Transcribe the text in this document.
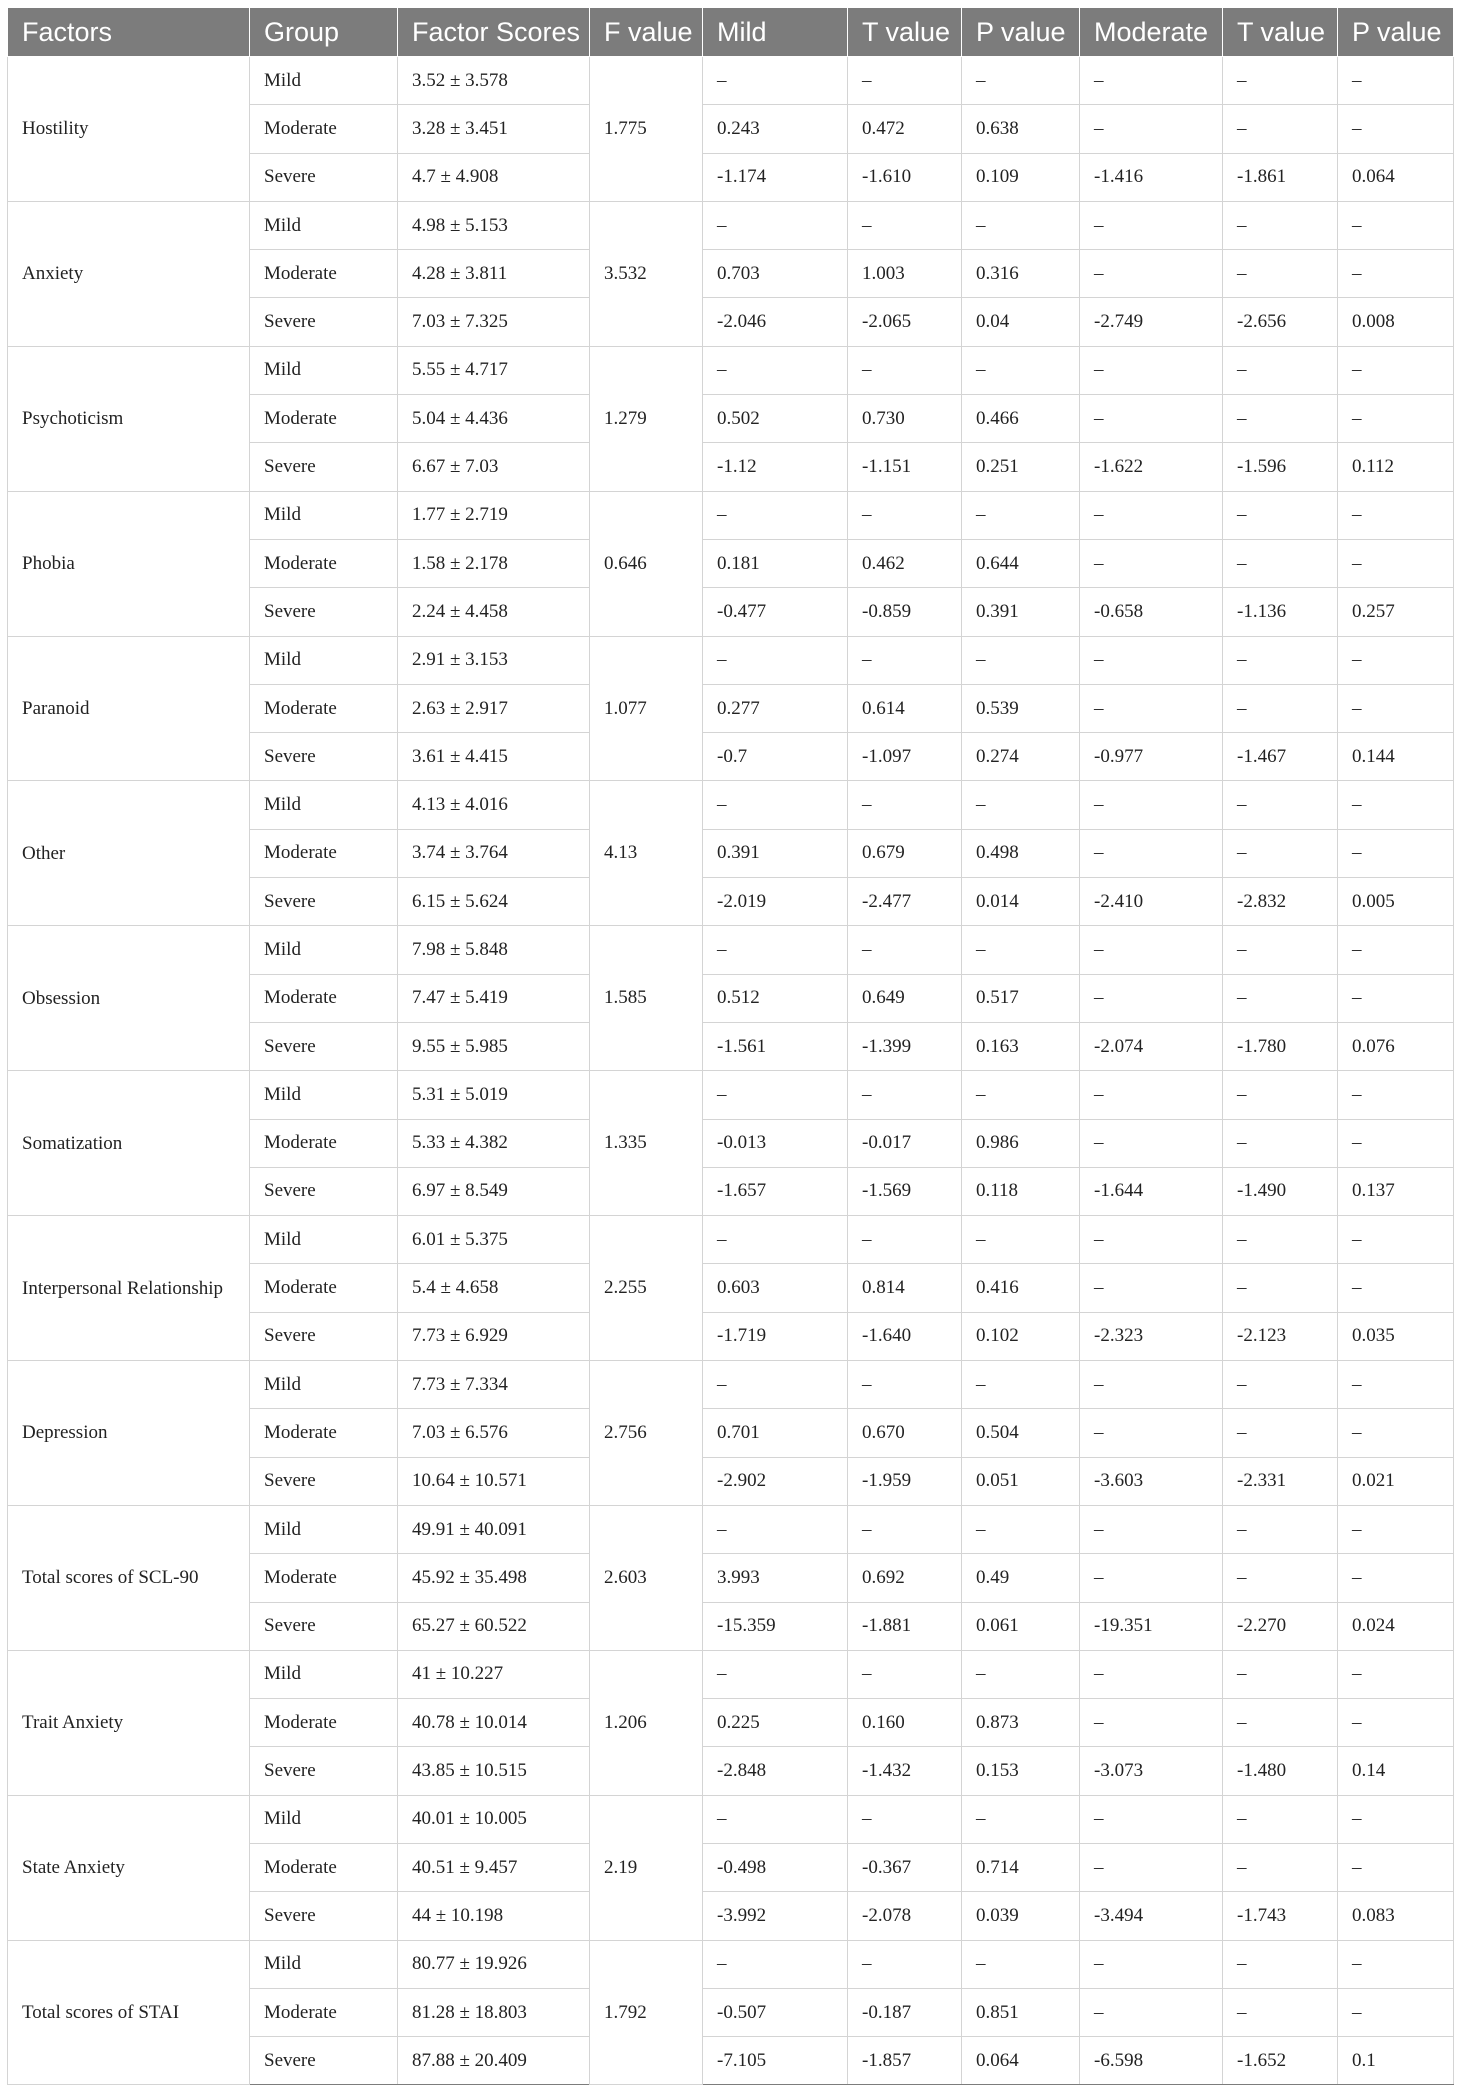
Factors	Group	Factor Scores	F value	Mild	T value	P value	Moderate	T value	P value
Hostility	Mild	3.52 ± 3.578	1.775	–	–	–	–	–	–
	Moderate	3.28 ± 3.451		0.243	0.472	0.638	–	–	–
	Severe	4.7 ± 4.908		-1.174	-1.610	0.109	-1.416	-1.861	0.064
Anxiety	Mild	4.98 ± 5.153	3.532	–	–	–	–	–	–
	Moderate	4.28 ± 3.811		0.703	1.003	0.316	–	–	–
	Severe	7.03 ± 7.325		-2.046	-2.065	0.04	-2.749	-2.656	0.008
Psychoticism	Mild	5.55 ± 4.717	1.279	–	–	–	–	–	–
	Moderate	5.04 ± 4.436		0.502	0.730	0.466	–	–	–
	Severe	6.67 ± 7.03		-1.12	-1.151	0.251	-1.622	-1.596	0.112
Phobia	Mild	1.77 ± 2.719	0.646	–	–	–	–	–	–
	Moderate	1.58 ± 2.178		0.181	0.462	0.644	–	–	–
	Severe	2.24 ± 4.458		-0.477	-0.859	0.391	-0.658	-1.136	0.257
Paranoid	Mild	2.91 ± 3.153	1.077	–	–	–	–	–	–
	Moderate	2.63 ± 2.917		0.277	0.614	0.539	–	–	–
	Severe	3.61 ± 4.415		-0.7	-1.097	0.274	-0.977	-1.467	0.144
Other	Mild	4.13 ± 4.016	4.13	–	–	–	–	–	–
	Moderate	3.74 ± 3.764		0.391	0.679	0.498	–	–	–
	Severe	6.15 ± 5.624		-2.019	-2.477	0.014	-2.410	-2.832	0.005
Obsession	Mild	7.98 ± 5.848	1.585	–	–	–	–	–	–
	Moderate	7.47 ± 5.419		0.512	0.649	0.517	–	–	–
	Severe	9.55 ± 5.985		-1.561	-1.399	0.163	-2.074	-1.780	0.076
Somatization	Mild	5.31 ± 5.019	1.335	–	–	–	–	–	–
	Moderate	5.33 ± 4.382		-0.013	-0.017	0.986	–	–	–
	Severe	6.97 ± 8.549		-1.657	-1.569	0.118	-1.644	-1.490	0.137
Interpersonal Relationship	Mild	6.01 ± 5.375	2.255	–	–	–	–	–	–
	Moderate	5.4 ± 4.658		0.603	0.814	0.416	–	–	–
	Severe	7.73 ± 6.929		-1.719	-1.640	0.102	-2.323	-2.123	0.035
Depression	Mild	7.73 ± 7.334	2.756	–	–	–	–	–	–
	Moderate	7.03 ± 6.576		0.701	0.670	0.504	–	–	–
	Severe	10.64 ± 10.571		-2.902	-1.959	0.051	-3.603	-2.331	0.021
Total scores of SCL-90	Mild	49.91 ± 40.091	2.603	–	–	–	–	–	–
	Moderate	45.92 ± 35.498		3.993	0.692	0.49	–	–	–
	Severe	65.27 ± 60.522		-15.359	-1.881	0.061	-19.351	-2.270	0.024
Trait Anxiety	Mild	41 ± 10.227	1.206	–	–	–	–	–	–
	Moderate	40.78 ± 10.014		0.225	0.160	0.873	–	–	–
	Severe	43.85 ± 10.515		-2.848	-1.432	0.153	-3.073	-1.480	0.14
State Anxiety	Mild	40.01 ± 10.005	2.19	–	–	–	–	–	–
	Moderate	40.51 ± 9.457		-0.498	-0.367	0.714	–	–	–
	Severe	44 ± 10.198		-3.992	-2.078	0.039	-3.494	-1.743	0.083
Total scores of STAI	Mild	80.77 ± 19.926	1.792	–	–	–	–	–	–
	Moderate	81.28 ± 18.803		-0.507	-0.187	0.851	–	–	–
	Severe	87.88 ± 20.409		-7.105	-1.857	0.064	-6.598	-1.652	0.1
